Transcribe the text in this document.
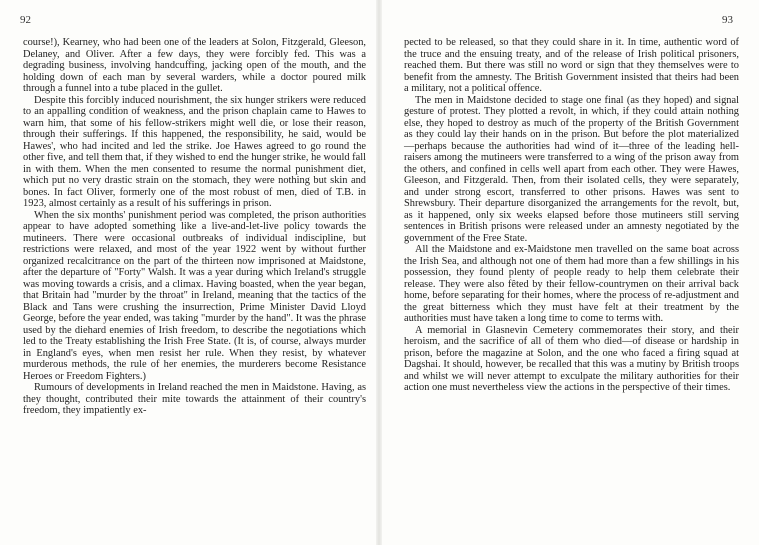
92

course!), Kearney, who had been one of the leaders at Solon, Fitzgerald, Gleeson, Delaney, and Oliver. After a few days, they were forcibly fed. This was a degrading business, involving handcuffing, jacking open of the mouth, and the holding down of each man by several warders, while a doctor poured milk through a funnel into a tube placed in the gullet.

Despite this forcibly induced nourishment, the six hunger strikers were reduced to an appalling condition of weakness, and the prison chaplain came to Hawes to warn him, that some of his fellow-strikers might well die, or lose their reason, through their sufferings. If this happened, the responsibility, he said, would be Hawes', who had incited and led the strike. Joe Hawes agreed to go round the other five, and tell them that, if they wished to end the hunger strike, he would fall in with them. When the men consented to resume the normal punishment diet, which put no very drastic strain on the stomach, they were nothing but skin and bones. In fact Oliver, formerly one of the most robust of men, died of T.B. in 1923, almost certainly as a result of his sufferings in prison.

When the six months' punishment period was completed, the prison authorities appear to have adopted something like a live-and-let-live policy towards the mutineers. There were occasional outbreaks of individual indiscipline, but restrictions were relaxed, and most of the year 1922 went by without further organized recalcitrance on the part of the thirteen now imprisoned at Maidstone, after the departure of "Forty" Walsh. It was a year during which Ireland's struggle was moving towards a crisis, and a climax. Having boasted, when the year began, that Britain had "murder by the throat" in Ireland, meaning that the tactics of the Black and Tans were crushing the insurrection, Prime Minister David Lloyd George, before the year ended, was taking "murder by the hand". It was the phrase used by the diehard enemies of Irish freedom, to describe the negotiations which led to the Treaty establishing the Irish Free State. (It is, of course, always murder in England's eyes, when men resist her rule. When they resist, by whatever murderous methods, the rule of her enemies, the murderers become Resistance Heroes or Freedom Fighters.)

Rumours of developments in Ireland reached the men in Maidstone. Having, as they thought, contributed their mite towards the attainment of their country's freedom, they impatiently ex-

93

pected to be released, so that they could share in it. In time, authentic word of the truce and the ensuing treaty, and of the release of Irish political prisoners, reached them. But there was still no word or sign that they themselves were to benefit from the amnesty. The British Government insisted that theirs had been a military, not a political offence.

The men in Maidstone decided to stage one final (as they hoped) and signal gesture of protest. They plotted a revolt, in which, if they could attain nothing else, they hoped to destroy as much of the property of the British Government as they could lay their hands on in the prison. But before the plot materialized —perhaps because the authorities had wind of it—three of the leading hell-raisers among the mutineers were transferred to a wing of the prison away from the others, and confined in cells well apart from each other. They were Hawes, Gleeson, and Fitzgerald. Then, from their isolated cells, they were separately, and under strong escort, transferred to other prisons. Hawes was sent to Shrewsbury. Their departure disorganized the arrangements for the revolt, but, as it happened, only six weeks elapsed before those mutineers still serving sentences in British prisons were released under an amnesty negotiated by the government of the Free State.

All the Maidstone and ex-Maidstone men travelled on the same boat across the Irish Sea, and although not one of them had more than a few shillings in his possession, they found plenty of people ready to help them celebrate their release. They were also fêted by their fellow-countrymen on their arrival back home, before separating for their homes, where the process of re-adjustment and the great bitterness which they must have felt at their treatment by the authorities must have taken a long time to come to terms with.

A memorial in Glasnevin Cemetery commemorates their story, and their heroism, and the sacrifice of all of them who died—of disease or hardship in prison, before the magazine at Solon, and the one who faced a firing squad at Dagshai. It should, however, be recalled that this was a mutiny by British troops and whilst we will never attempt to exculpate the military authorities for their action one must nevertheless view the actions in the perspective of their times.
